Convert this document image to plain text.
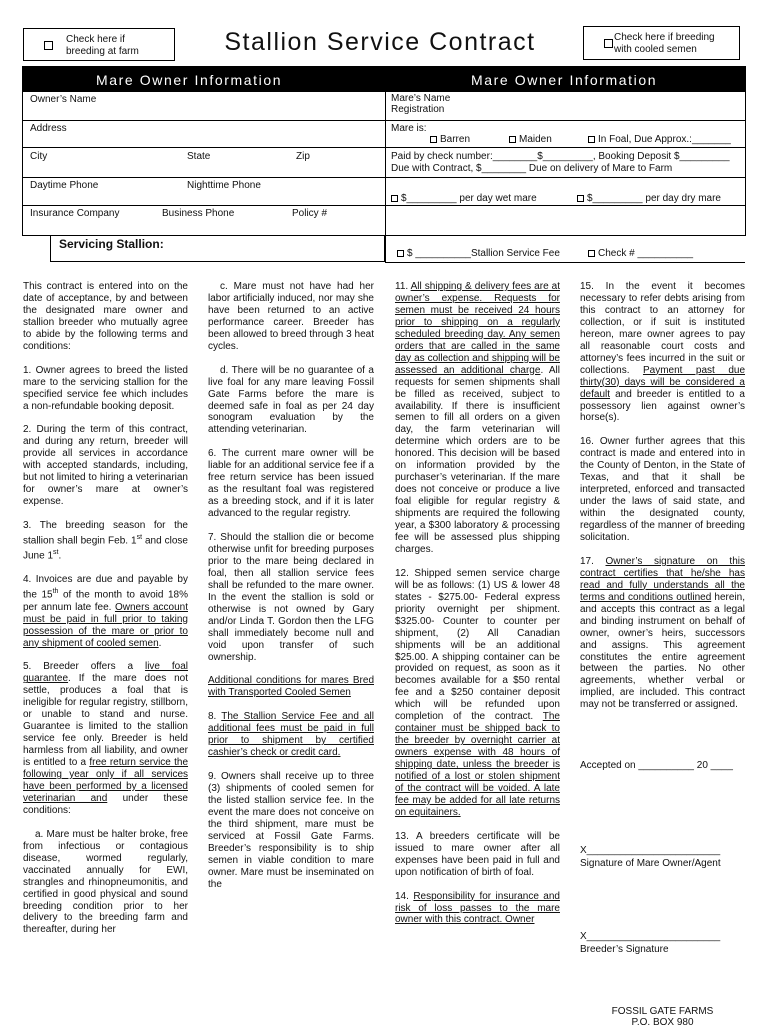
Check here if breeding at farm
Check here if breeding with cooled semen
Stallion Service Contract
Mare Owner Information	Mare Owner Information
Owner’s Name
Address
City	State	Zip
Daytime Phone	Nighttime Phone
Insurance Company	Business Phone	Policy #
Mare’s Name
Registration
Mare is:
Barren	Maiden	In Foal, Due Approx.:_______
Paid by check number:________$_________, Booking Deposit $_________
Due with Contract, $________ Due on delivery of Mare to Farm
$_________ per day wet mare	$_________ per day dry mare
Servicing Stallion:
$ __________Stallion Service Fee	Check # __________

This contract is entered into on the date of acceptance, by and between the designated mare owner and stallion breeder who mutually agree to abide by the following terms and conditions:

1. Owner agrees to breed the listed mare to the servicing stallion for the specified service fee which includes a non-refundable booking deposit.

2. During the term of this contract, and during any return, breeder will provide all services in accordance with accepted standards, including, but not limited to hiring a veterinarian for owner’s mare at owner’s expense.

3. The breeding season for the stallion shall begin Feb. 1st and close June 1st.

4. Invoices are due and payable by the 15th of the month to avoid 18% per annum late fee. Owners account must be paid in full prior to taking possession of the mare or prior to any shipment of cooled semen.

5. Breeder offers a live foal guarantee. If the mare does not settle, produces a foal that is ineligible for regular registry, stillborn, or unable to stand and nurse. Guarantee is limited to the stallion service fee only. Breeder is held harmless from all liability, and owner is entitled to a free return service the following year only if all services have been performed by a licensed veterinarian and under these conditions:

a. Mare must be halter broke, free from infectious or contagious disease, wormed regularly, vaccinated annually for EWI, strangles and rhinopneumonitis, and certified in good physical and sound breeding condition prior to her delivery to the breeding farm and thereafter, during her

c. Mare must not have had her labor artificially induced, nor may she have been returned to an active performance career. Breeder has been allowed to breed through 3 heat cycles.

d. There will be no guarantee of a live foal for any mare leaving Fossil Gate Farms before the mare is deemed safe in foal as per 24 day sonogram evaluation by the attending veterinarian.

6. The current mare owner will be liable for an additional service fee if a free return service has been issued as the resultant foal was registered as a breeding stock, and if it is later advanced to the regular registry.

7. Should the stallion die or become otherwise unfit for breeding purposes prior to the mare being declared in foal, then all stallion service fees shall be refunded to the mare owner. In the event the stallion is sold or otherwise is not owned by Gary and/or Linda T. Gordon then the LFG shall immediately become null and void upon transfer of such ownership.

Additional conditions for mares Bred with Transported Cooled Semen

8. The Stallion Service Fee and all additional fees must be paid in full prior to shipment by certified cashier’s check or credit card.

9. Owners shall receive up to three (3) shipments of cooled semen for the listed stallion service fee. In the event the mare does not conceive on the third shipment, mare must be serviced at Fossil Gate Farms. Breeder’s responsibility is to ship semen in viable condition to mare owner. Mare must be inseminated on the

11. All shipping & delivery fees are at owner’s expense. Requests for semen must be received 24 hours prior to shipping on a regularly scheduled breeding day. Any semen orders that are called in the same day as collection and shipping will be assessed an additional charge. All requests for semen shipments shall be filled as received, subject to availability. If there is insufficient semen to fill all orders on a given day, the farm veterinarian will determine which orders are to be honored. This decision will be based on information provided by the purchaser’s veterinarian. If the mare does not conceive or produce a live foal eligible for regular registry & shipments are required the following year, a $300 laboratory & processing fee will be assessed plus shipping charges.

12. Shipped semen service charge will be as follows: (1) US & lower 48 states - $275.00- Federal express priority overnight per shipment. $325.00- Counter to counter per shipment, (2) All Canadian shipments will be an additional $25.00. A shipping container can be provided on request, as soon as it becomes available for a $50 rental fee and a $250 container deposit which will be refunded upon completion of the contract. The container must be shipped back to the breeder by overnight carrier at owners expense with 48 hours of shipping date, unless the breeder is notified of a lost or stolen shipment of the contract will be voided. A late fee may be added for all late returns on equitainers.

13. A breeders certificate will be issued to mare owner after all expenses have been paid in full and upon notification of birth of foal.

14. Responsibility for insurance and risk of loss passes to the mare owner with this contract. Owner

15. In the event it becomes necessary to refer debts arising from this contract to an attorney for collection, or if suit is instituted hereon, mare owner agrees to pay all reasonable court costs and attorney’s fees incurred in the suit or collections. Payment past due thirty(30) days will be considered a default and breeder is entitled to a possessory lien against owner’s horse(s).

16. Owner further agrees that this contract is made and entered into in the County of Denton, in the State of Texas, and that it shall be interpreted, enforced and transacted under the laws of said state, and within the designated county, regardless of the manner of breeding solicitation.

17. Owner’s signature on this contract certifies that he/she has read and fully understands all the terms and conditions outlined herein, and accepts this contract as a legal and binding instrument on behalf of owner, owner’s heirs, successors and assigns. This agreement constitutes the entire agreement between the parties. No other agreements, whether verbal or implied, are included. This contract may not be transferred or assigned.

Accepted on __________ 20 ____
X________________________
Signature of Mare Owner/Agent
X________________________
Breeder’s Signature
FOSSIL GATE FARMS
P.O. BOX 980
